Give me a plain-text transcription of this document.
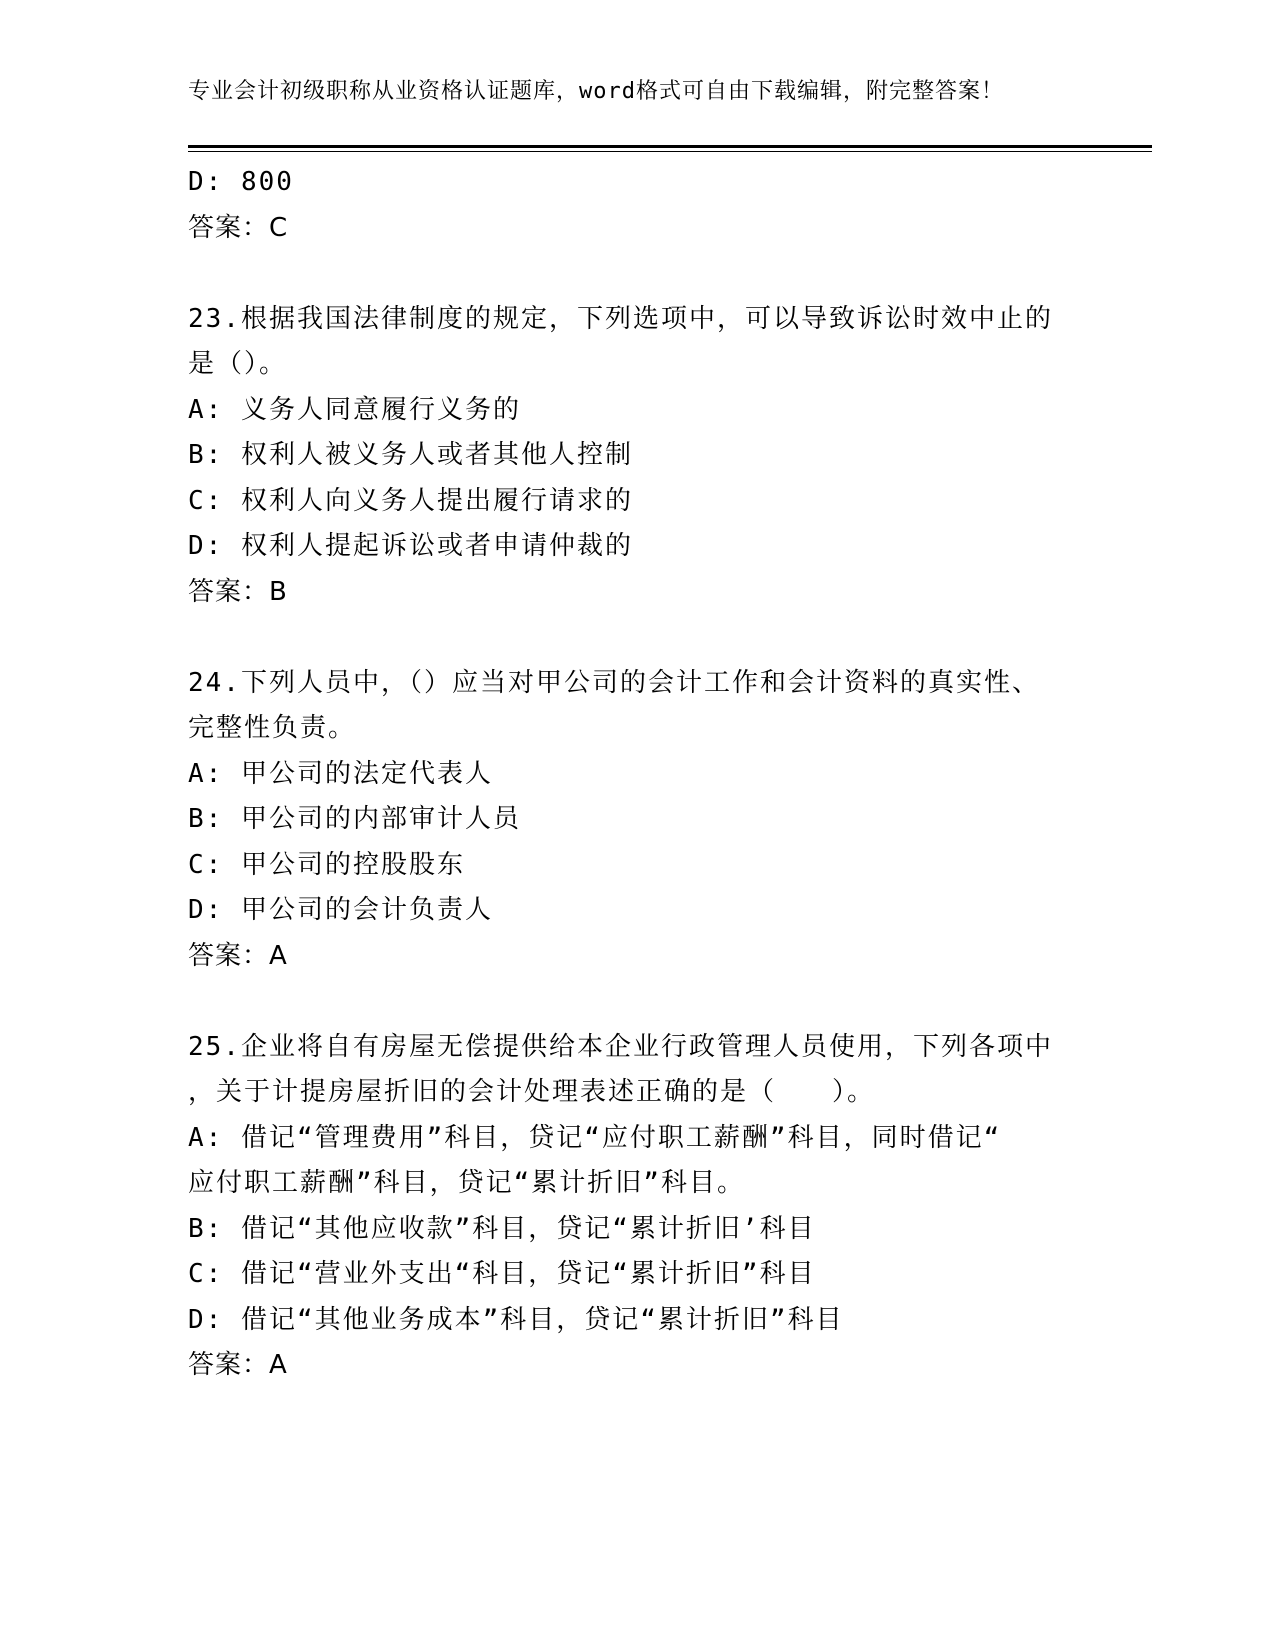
专业会计初级职称从业资格认证题库，word格式可自由下载编辑，附完整答案！
D: 800
答案：C
23.根据我国法律制度的规定，下列选项中，可以导致诉讼时效中止的
是（）。
A: 义务人同意履行义务的
B: 权利人被义务人或者其他人控制
C: 权利人向义务人提出履行请求的
D: 权利人提起诉讼或者申请仲裁的
答案：B
24.下列人员中，（）应当对甲公司的会计工作和会计资料的真实性、
完整性负责。
A: 甲公司的法定代表人
B: 甲公司的内部审计人员
C: 甲公司的控股股东
D: 甲公司的会计负责人
答案：A
25.企业将自有房屋无偿提供给本企业行政管理人员使用，下列各项中
，关于计提房屋折旧的会计处理表述正确的是（　　）。
A: 借记“管理费用”科目，贷记“应付职工薪酬”科目，同时借记“
应付职工薪酬”科目，贷记“累计折旧”科目。
B: 借记“其他应收款”科目，贷记“累计折旧’科目
C: 借记“营业外支出“科目，贷记“累计折旧”科目
D: 借记“其他业务成本”科目，贷记“累计折旧”科目
答案：A
